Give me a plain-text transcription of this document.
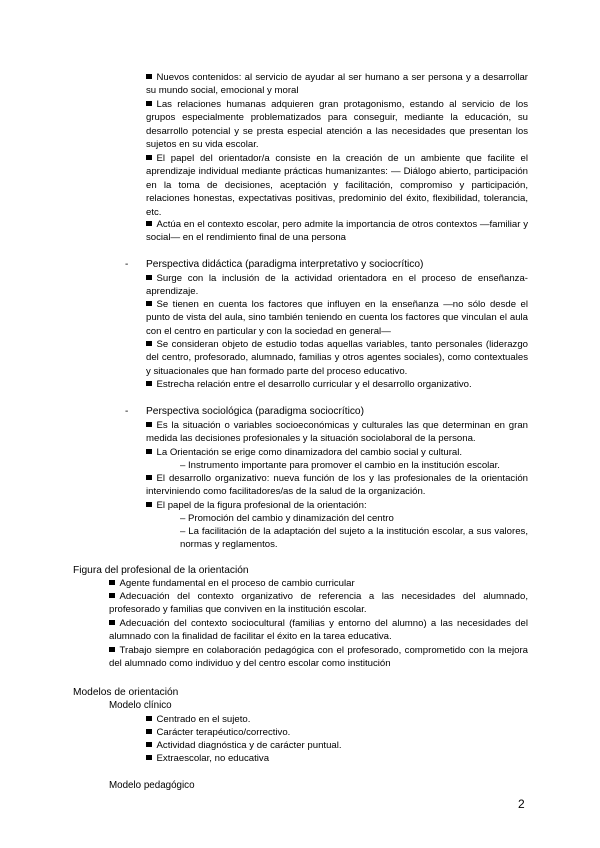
Nuevos contenidos: al servicio de ayudar al ser humano a ser persona y a desarrollar su mundo social, emocional y moral

Las relaciones humanas adquieren gran protagonismo, estando al servicio de los grupos especialmente problematizados para conseguir, mediante la educación, su desarrollo potencial y se presta especial atención a las necesidades que presentan los sujetos en su vida escolar.

El papel del orientador/a consiste en la creación de un ambiente que facilite el aprendizaje individual mediante prácticas humanizantes: — Diálogo abierto, participación en la toma de decisiones, aceptación y facilitación, compromiso y participación, relaciones honestas, expectativas positivas, predominio del éxito, flexibilidad, tolerancia, etc.

Actúa en el contexto escolar, pero admite la importancia de otros contextos —familiar y social— en el rendimiento final de una persona

- Perspectiva didáctica (paradigma interpretativo y sociocrítico)

Surge con la inclusión de la actividad orientadora en el proceso de enseñanza-aprendizaje.

Se tienen en cuenta los factores que influyen en la enseñanza —no sólo desde el punto de vista del aula, sino también teniendo en cuenta los factores que vinculan el aula con el centro en particular y con la sociedad en general—

Se consideran objeto de estudio todas aquellas variables, tanto personales (liderazgo del centro, profesorado, alumnado, familias y otros agentes sociales), como contextuales y situacionales que han formado parte del proceso educativo.

Estrecha relación entre el desarrollo curricular y el desarrollo organizativo.

- Perspectiva sociológica (paradigma sociocrítico)

Es la situación o variables socioeconómicas y culturales las que determinan en gran medida las decisiones profesionales y la situación sociolaboral de la persona.

La Orientación se erige como dinamizadora del cambio social y cultural.

– Instrumento importante para promover el cambio en la institución escolar.

El desarrollo organizativo: nueva función de los y las profesionales de la orientación interviniendo como facilitadores/as de la salud de la organización.

El papel de la figura profesional de la orientación:

– Promoción del cambio y dinamización del centro

– La facilitación de la adaptación del sujeto a la institución escolar, a sus valores, normas y reglamentos.

Figura del profesional de la orientación

Agente fundamental en el proceso de cambio curricular

Adecuación del contexto organizativo de referencia a las necesidades del alumnado, profesorado y familias que conviven en la institución escolar.

Adecuación del contexto sociocultural (familias y entorno del alumno) a las necesidades del alumnado con la finalidad de facilitar el éxito en la tarea educativa.

Trabajo siempre en colaboración pedagógica con el profesorado, comprometido con la mejora del alumnado como individuo y del centro escolar como institución

Modelos de orientación

Modelo clínico

Centrado en el sujeto.

Carácter terapéutico/correctivo.

Actividad diagnóstica y de carácter puntual.

Extraescolar, no educativa

Modelo pedagógico

2
